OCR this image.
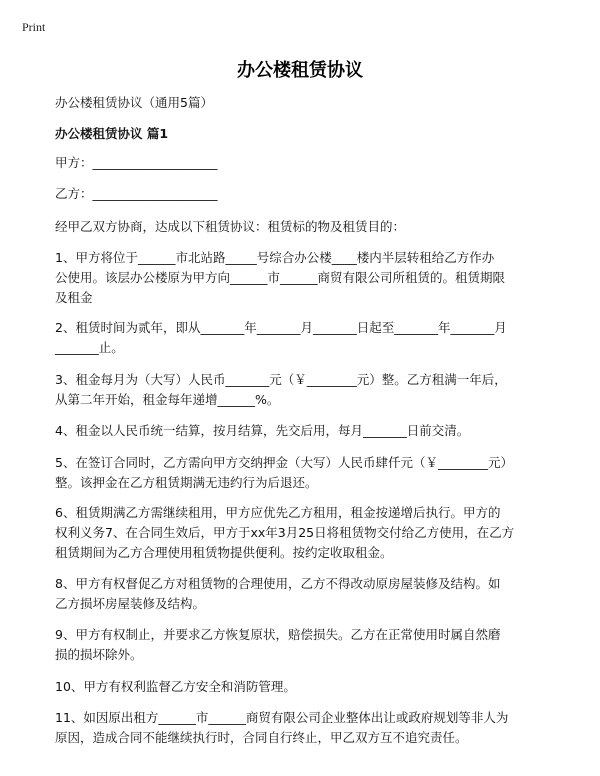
Print
办公楼租赁协议
办公楼租赁协议（通用5篇）
办公楼租赁协议 篇1
甲方：____________________
乙方：____________________
经甲乙双方协商，达成以下租赁协议：租赁标的物及租赁目的：
1、甲方将位于______市北站路_____号综合办公楼____楼内半层转租给乙方作办
公使用。该层办公楼原为甲方向______市______商贸有限公司所租赁的。租赁期限
及租金
2、租赁时间为贰年，即从_______年_______月_______日起至_______年_______月
_______止。
3、租金每月为（大写）人民币_______元（￥________元）整。乙方租满一年后，
从第二年开始，租金每年递增______%。
4、租金以人民币统一结算，按月结算，先交后用，每月_______日前交清。
5、在签订合同时，乙方需向甲方交纳押金（大写）人民币肆仟元（￥________元）
整。该押金在乙方租赁期满无违约行为后退还。
6、租赁期满乙方需继续租用，甲方应优先乙方租用，租金按递增后执行。甲方的
权利义务7、在合同生效后，甲方于xx年3月25日将租赁物交付给乙方使用，在乙方
租赁期间为乙方合理使用租赁物提供便利。按约定收取租金。
8、甲方有权督促乙方对租赁物的合理使用，乙方不得改动原房屋装修及结构。如
乙方损坏房屋装修及结构。
9、甲方有权制止，并要求乙方恢复原状，赔偿损失。乙方在正常使用时属自然磨
损的损坏除外。
10、甲方有权利监督乙方安全和消防管理。
11、如因原出租方______市______商贸有限公司企业整体出让或政府规划等非人为
原因，造成合同不能继续执行时，合同自行终止，甲乙双方互不追究责任。
